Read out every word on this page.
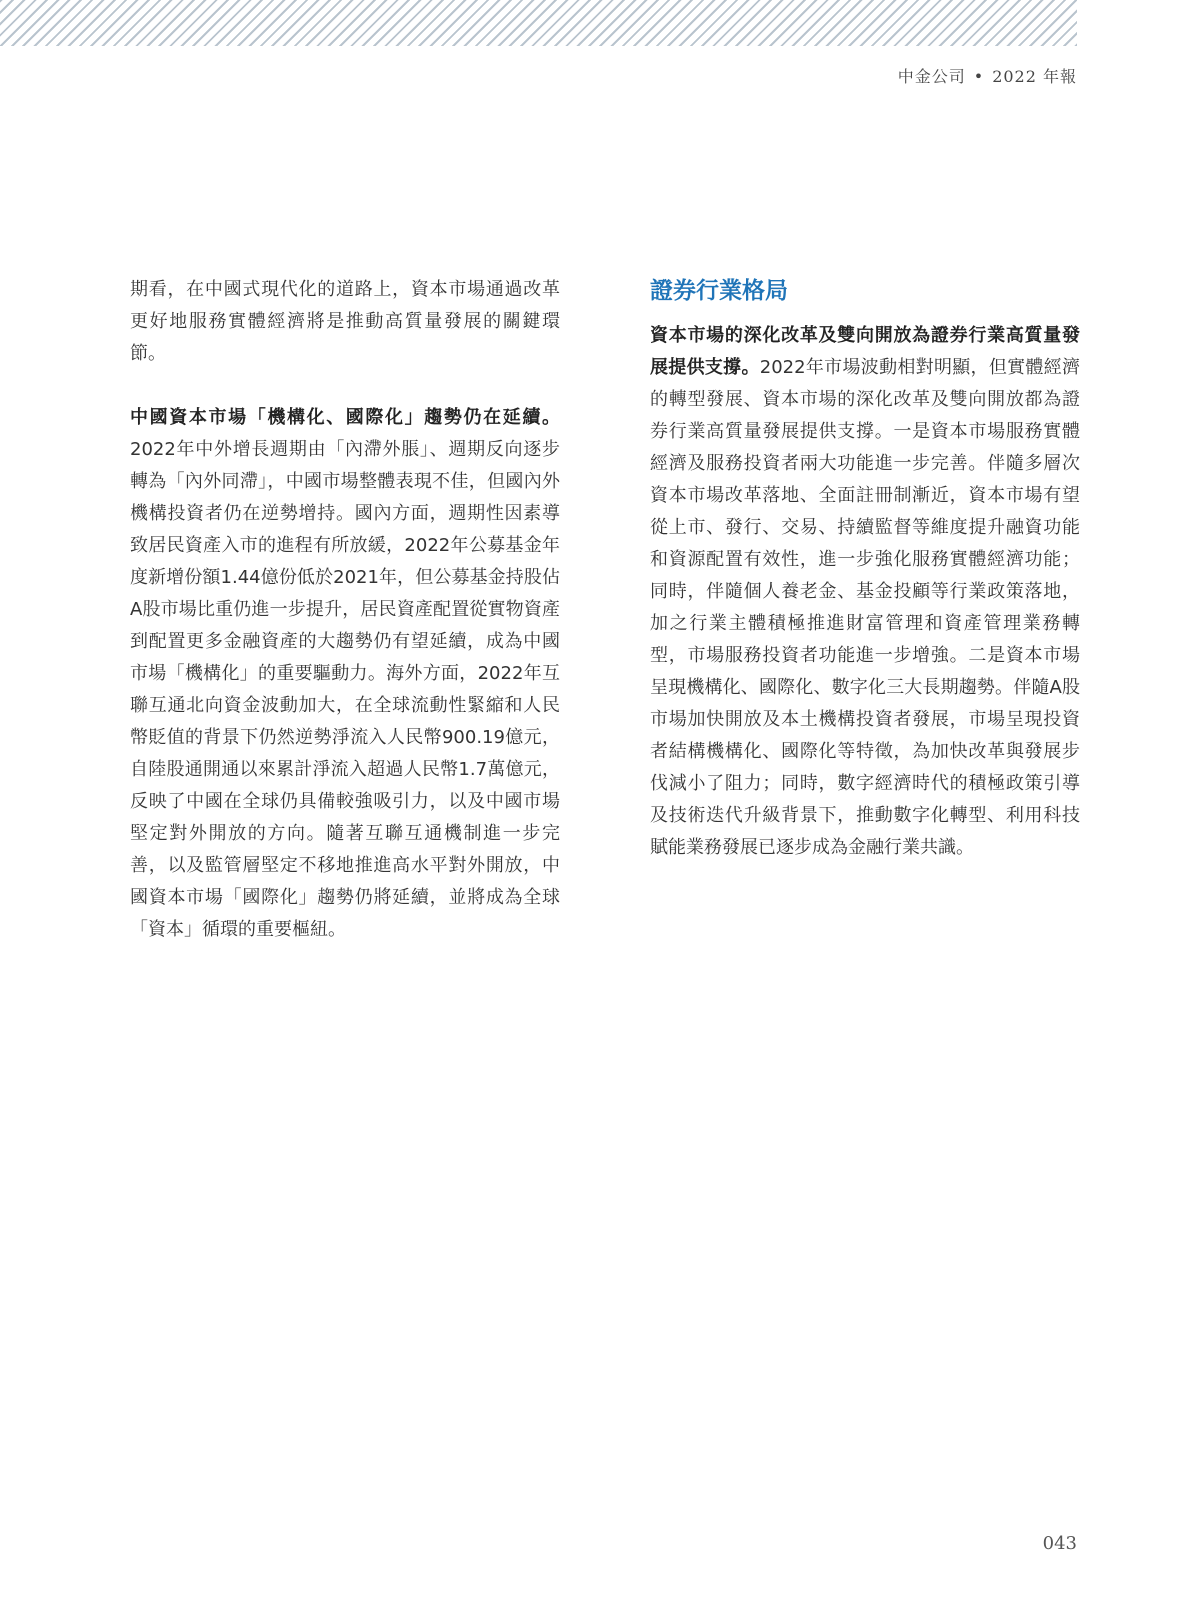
中金公司 • 2022 年報

期看，在中國式現代化的道路上，資本市場通過改革更好地服務實體經濟將是推動高質量發展的關鍵環節。

中國資本市場「機構化、國際化」趨勢仍在延續。2022年中外增長週期由「內滯外脹」、週期反向逐步轉為「內外同滯」，中國市場整體表現不佳，但國內外機構投資者仍在逆勢增持。國內方面，週期性因素導致居民資產入市的進程有所放緩，2022年公募基金年度新增份額1.44億份低於2021年，但公募基金持股佔A股市場比重仍進一步提升，居民資產配置從實物資產到配置更多金融資產的大趨勢仍有望延續，成為中國市場「機構化」的重要驅動力。海外方面，2022年互聯互通北向資金波動加大，在全球流動性緊縮和人民幣貶值的背景下仍然逆勢淨流入人民幣900.19億元，自陸股通開通以來累計淨流入超過人民幣1.7萬億元，反映了中國在全球仍具備較強吸引力，以及中國市場堅定對外開放的方向。隨著互聯互通機制進一步完善，以及監管層堅定不移地推進高水平對外開放，中國資本市場「國際化」趨勢仍將延續，並將成為全球「資本」循環的重要樞紐。

證券行業格局

資本市場的深化改革及雙向開放為證券行業高質量發展提供支撐。2022年市場波動相對明顯，但實體經濟的轉型發展、資本市場的深化改革及雙向開放都為證券行業高質量發展提供支撐。一是資本市場服務實體經濟及服務投資者兩大功能進一步完善。伴隨多層次資本市場改革落地、全面註冊制漸近，資本市場有望從上市、發行、交易、持續監督等維度提升融資功能和資源配置有效性，進一步強化服務實體經濟功能；同時，伴隨個人養老金、基金投顧等行業政策落地，加之行業主體積極推進財富管理和資產管理業務轉型，市場服務投資者功能進一步增強。二是資本市場呈現機構化、國際化、數字化三大長期趨勢。伴隨A股市場加快開放及本土機構投資者發展，市場呈現投資者結構機構化、國際化等特徵，為加快改革與發展步伐減小了阻力；同時，數字經濟時代的積極政策引導及技術迭代升級背景下，推動數字化轉型、利用科技賦能業務發展已逐步成為金融行業共識。

043
